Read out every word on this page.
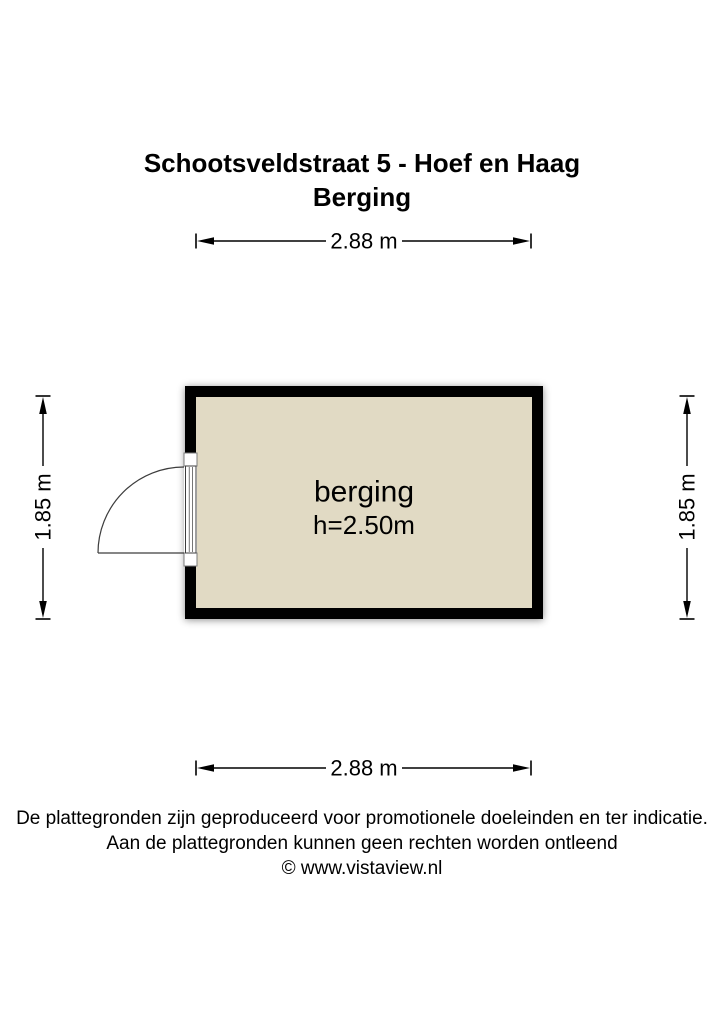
Schootsveldstraat 5 - Hoef en Haag
Berging
2.88 m
2.88 m
1.85 m	1.85 m
berging
h=2.50m
De plattegronden zijn geproduceerd voor promotionele doeleinden en ter indicatie.
Aan de plattegronden kunnen geen rechten worden ontleend
© www.vistaview.nl
